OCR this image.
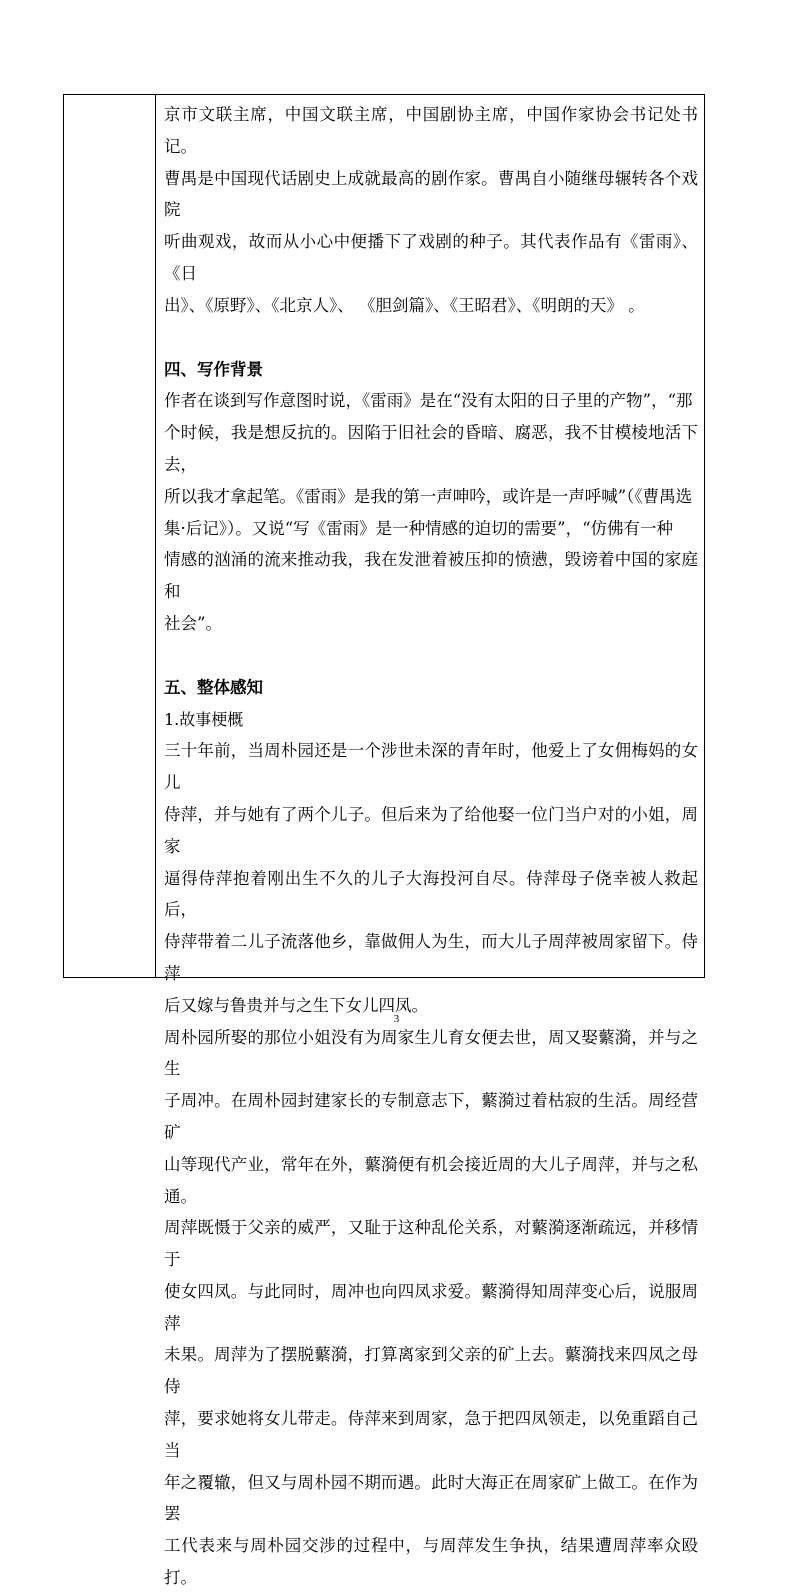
京市文联主席，中国文联主席，中国剧协主席，中国作家协会书记处书记。

曹禺是中国现代话剧史上成就最高的剧作家。曹禺自小随继母辗转各个戏院

听曲观戏，故而从小心中便播下了戏剧的种子。其代表作品有《雷雨》、《日

出》、《原野》、《北京人》、 《胆剑篇》、《王昭君》、《明朗的天》 。

四、写作背景

作者在谈到写作意图时说，《雷雨》是在“没有太阳的日子里的产物”，“那

个时候，我是想反抗的。因陷于旧社会的昏暗、腐恶，我不甘模棱地活下去，

所以我才拿起笔。《雷雨》是我的第一声呻吟，或许是一声呼喊”（《曹禺选

集·后记》）。又说“写《雷雨》是一种情感的迫切的需要”，“仿佛有一种

情感的汹涌的流来推动我，我在发泄着被压抑的愤懑，毁谤着中国的家庭和

社会”。

五、整体感知

1.故事梗概

三十年前，当周朴园还是一个涉世未深的青年时，他爱上了女佣梅妈的女儿

侍萍，并与她有了两个儿子。但后来为了给他娶一位门当户对的小姐，周家

逼得侍萍抱着刚出生不久的儿子大海投河自尽。侍萍母子侥幸被人救起后，

侍萍带着二儿子流落他乡，靠做佣人为生，而大儿子周萍被周家留下。侍萍

后又嫁与鲁贵并与之生下女儿四凤。

周朴园所娶的那位小姐没有为周家生儿育女便去世，周又娶蘩漪，并与之生

子周冲。在周朴园封建家长的专制意志下，蘩漪过着枯寂的生活。周经营矿

山等现代产业，常年在外，蘩漪便有机会接近周的大儿子周萍，并与之私通。

周萍既慑于父亲的威严，又耻于这种乱伦关系，对蘩漪逐渐疏远，并移情于

使女四凤。与此同时，周冲也向四凤求爱。蘩漪得知周萍变心后，说服周萍

未果。周萍为了摆脱蘩漪，打算离家到父亲的矿上去。蘩漪找来四凤之母侍

萍，要求她将女儿带走。侍萍来到周家，急于把四凤领走，以免重蹈自己当

年之覆辙，但又与周朴园不期而遇。此时大海正在周家矿上做工。在作为罢

工代表来与周朴园交涉的过程中，与周萍发生争执，结果遭周萍率众殴打。

3
